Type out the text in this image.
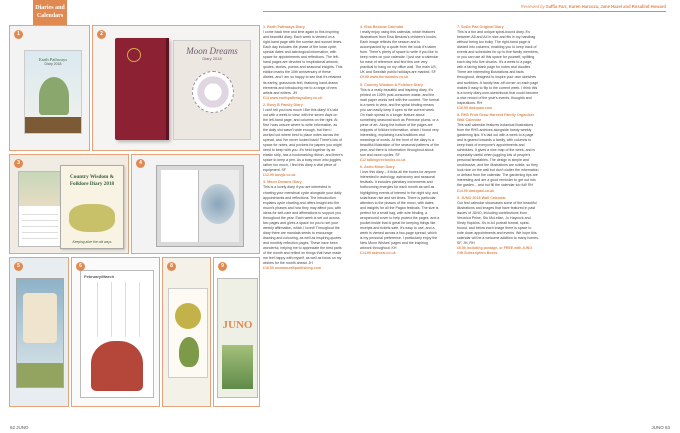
Diaries and Calendars
Reviewed by Saffia Farr, Karen Harcoza, Jane Hazel and Rosalind Howard
1
Earth Pathways
Diary 2018
2
Moon Dreams
Diary 2018
3
Country Wisdom & Folklore Diary 2018
Keeping alive the old ways
4
5	6
February/March
8	9
JUNO
1. Earth Pathways Diary

I come back time and time again to this inspiring and beautiful diary. Each week is viewed on a right-hand page with the sunrise and sunset times. Each day includes the phase of the lunar cycle, special dates and astrological information, with space for appointments and reflections. The left-hand pages are devoted to inspirational artwork, quotes, stories, poems and seasonal insights. This edition marks the 10th anniversary of these diaries, and I am so happy to see that it's retained its earthy, grassroots feel, featuring hand-drawn elements and introducing me to a range of new artists and writers. JH

£14 www.earthpathwaysdiary.co.uk
2. Busy B Family Diary

I can't tell you how much I like this diary! It's laid out with a week to view, with the seven days on the left-hand page, and columns on the right. At first I was unsure where to write information, as the daily slot wasn't wide enough, but then I worked out where best to place notes across the spread, and I've never looked back! There's lots of space for notes, and pockets for papers you might need to keep with you. It's held together by an elastic strip, has a bookmarking ribbon, and there's space to keep a pen. As a busy mum who juggles rather too much, I find this diary a vital piece of equipment. SF

£12.99 busyb.co.uk
3. Moon Dreams Diary

This is a lovely diary if you are interested in charting your menstrual cycle alongside your daily appointments and reflections. The introduction explains cycle charting and offers insight into the moon's phases and how they may affect you, with ideas for self-care and affirmations to support you throughout the year. Each week is set out across two pages and gives a space for you to set your weekly affirmation, which I loved! Throughout the diary there are mandala seeds to encourage drawing and colouring, as well as inspiring quotes and monthly reflection pages. These have been wonderful, helping me to appreciate the best parts of the month and reflect on things that have made me feel happy with myself, as well as focus on my wishes for the month ahead. JH

£16.50 womancraftpublishing.com
4. Elsa Beskow Calendar

I really enjoy using this calendar, which features illustrations from Elsa Beskow's children's books. Each image reflects the season and is accompanied by a quote from the book it's taken from. There's plenty of space to write if you like to keep notes on your calendar. I just use a calendar for ease of reference and find this one very practical to hang on my office wall. The main US, UK and Swedish public holidays are marked. SF

£9.99 www.florisbooks.co.uk
5. Country Wisdom & Folklore Diary

This is a really beautiful and inspiring diary. It's printed on 100% post-consumer waste, and the matt paper works well with the content. The format is a week to view, and the spiral binding means you can easily keep it open at the current week. On each spread is a longer feature about something seasonal such as Primrose plums, or a piece of art. Along the bottom of the pages are snippets of folklore information, which I found very interesting, explaining rural traditions and meanings of words. At the front of the diary is a beautiful illustration of the seasonal patterns of the year, and there is information throughout about sun and moon cycles. SF

£12 talkingtreebooks.co.uk
6. Astro Moon Diary

I love this diary – it ticks all the boxes for anyone interested in astrology, astronomy and seasonal festivals. It includes planetary movements and forthcoming energies for each month as well as highlighting events of interest in the night sky, and solar/lunar rise and set times. There is particular attention to the phases of the moon, with dates and insights for all the Pagan festivals. The size is perfect for a small bag, with wire binding, a wraparound cover to help protect the pages, and a pocket inside that is great for keeping things like receipts and tickets safe. It's easy to use, and a week is viewed across a two-page spread, which is my personal preference. I particularly enjoy the New Moon Wishes' pages and the inspiring artwork throughout. KH

£14.99 astrocal.co.uk
7. SoDo Pad Original Diary

This is a fun and unique spiral-bound diary. It's between A5 and A4 in size and fits in my handbag without being too bulky. The right-hand page is divided into columns, enabling you to keep track of events and schedules for up to five family members, or you can use all this space for yourself, splitting each day into five chunks. It's a week to a page, with a facing blank page for notes and doodles. There are interesting illustrations and facts throughout, designed to inspire your own sketches and scribbles. A handy tear-off corner on each page makes it easy to flip to the current week. I think this is a lovely diary-cum-sketchbook that could become a nice record of the year's events, thoughts and inspirations. RH

£16.95 dodopad.com
8. RHS Fruit Grow Harvest Family Organiser Wall Calendar

This wall calendar features botanical illustrations from the RHS archives alongside handy weekly gardening tips. It's laid out with a week to a page and is geared towards a family, with columns to keep track of everyone's appointments and schedules. It gives a nice map of the week, and is especially useful when juggling lots of people's personal timetables. The design is simple and unobtrusive, and the illustrations are subtle, so they look nice on the wall but don't clutter the information or detract from the calendar. The gardening tips are interesting and are a good reminder to get out into the garden... and not fill the calendar too full! RH

£14.99 dodopad.co.uk
9. JUNO 2018 Wall Calendar

Our first calendar showcases some of the beautiful illustrations and images that have featured in past issues of JUNO, including contributions from Veronica Peine, Stu McLellan, Jo Haycock and Kirsty Hopkins. It's in A4 portrait format, spiral-bound, and below each image there is space to note down appointments and events. We hope this calendar will be a welcome addition to many homes. SF, JH, RH

£6.50 including postage, or FREE with JUNO Gift Subscription Boxes
62 JUNO	JUNO 63
